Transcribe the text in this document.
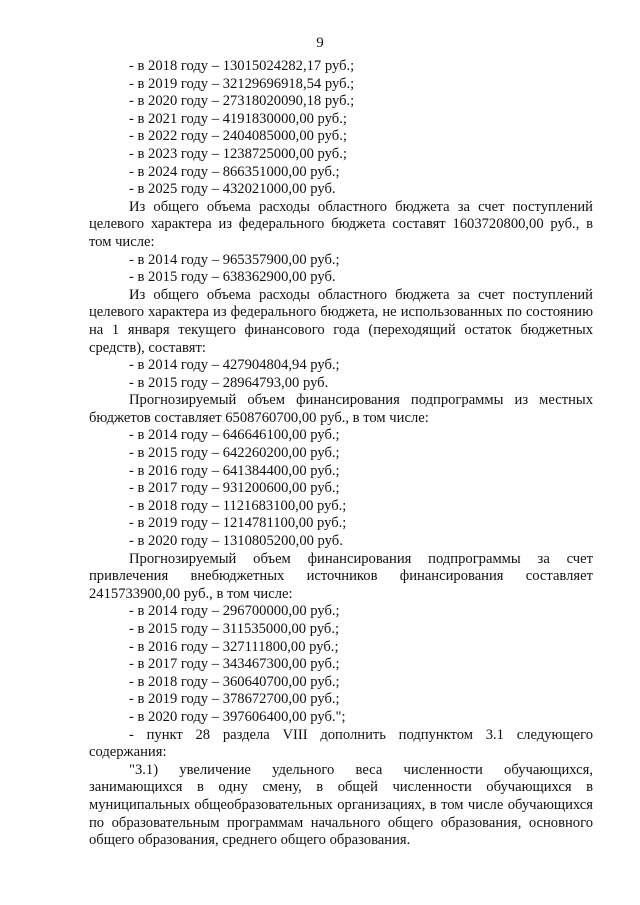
9
- в 2018 году – 13015024282,17 руб.;
- в 2019 году – 32129696918,54 руб.;
- в 2020 году – 27318020090,18 руб.;
- в 2021 году – 4191830000,00 руб.;
- в 2022 году – 2404085000,00 руб.;
- в 2023 году – 1238725000,00 руб.;
- в 2024 году – 866351000,00 руб.;
- в 2025 году – 432021000,00 руб.
Из общего объема расходы областного бюджета за счет поступлений целевого характера из федерального бюджета составят 1603720800,00 руб., в том числе:
- в 2014 году – 965357900,00 руб.;
- в 2015 году – 638362900,00 руб.
Из общего объема расходы областного бюджета за счет поступлений целевого характера из федерального бюджета, не использованных по состоянию на 1 января текущего финансового года (переходящий остаток бюджетных средств), составят:
- в 2014 году – 427904804,94 руб.;
- в 2015 году – 28964793,00 руб.
Прогнозируемый объем финансирования подпрограммы из местных бюджетов составляет 6508760700,00 руб., в том числе:
- в 2014 году – 646646100,00 руб.;
- в 2015 году – 642260200,00 руб.;
- в 2016 году – 641384400,00 руб.;
- в 2017 году – 931200600,00 руб.;
- в 2018 году – 1121683100,00 руб.;
- в 2019 году – 1214781100,00 руб.;
- в 2020 году – 1310805200,00 руб.
Прогнозируемый объем финансирования подпрограммы за счет привлечения внебюджетных источников финансирования составляет 2415733900,00 руб., в том числе:
- в 2014 году – 296700000,00 руб.;
- в 2015 году – 311535000,00 руб.;
- в 2016 году – 327111800,00 руб.;
- в 2017 году – 343467300,00 руб.;
- в 2018 году – 360640700,00 руб.;
- в 2019 году – 378672700,00 руб.;
- в 2020 году – 397606400,00 руб.";
- пункт 28 раздела VIII дополнить подпунктом 3.1 следующего содержания:
"3.1) увеличение удельного веса численности обучающихся, занимающихся в одну смену, в общей численности обучающихся в муниципальных общеобразовательных организациях, в том числе обучающихся по образовательным программам начального общего образования, основного общего образования, среднего общего образования.
